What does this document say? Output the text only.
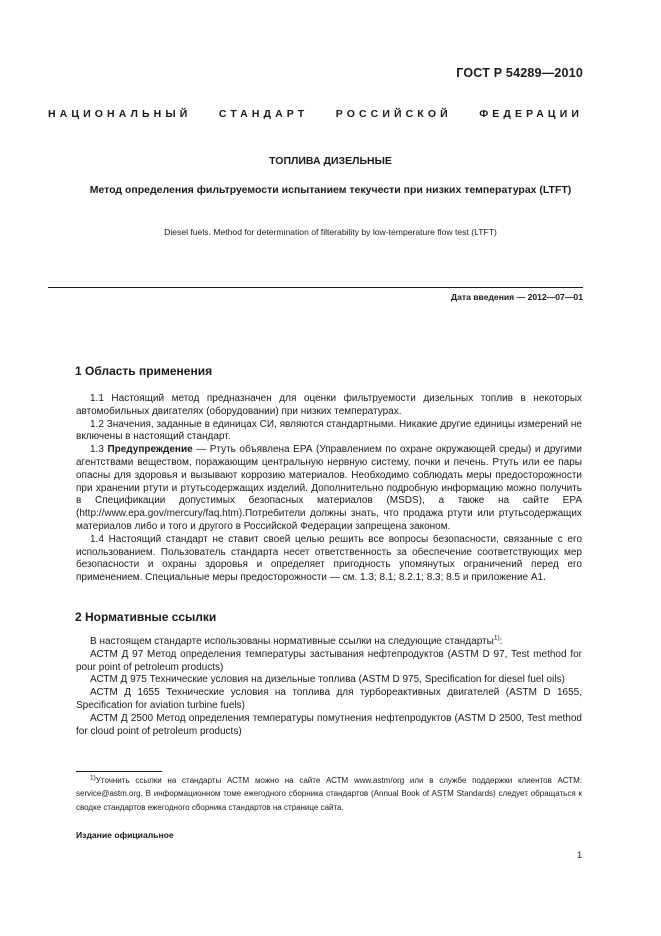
ГОСТ Р 54289—2010
НАЦИОНАЛЬНЫЙ СТАНДАРТ РОССИЙСКОЙ ФЕДЕРАЦИИ
ТОПЛИВА ДИЗЕЛЬНЫЕ
Метод определения фильтруемости испытанием текучести при низких температурах (LTFT)
Diesel fuels. Method for determination of filterability by low-temperature flow test (LTFT)
Дата введения — 2012—07—01
1 Область применения

1.1 Настоящий метод предназначен для оценки фильтруемости дизельных топлив в некоторых автомобильных двигателях (оборудовании) при низких температурах.

1.2 Значения, заданные в единицах СИ, являются стандартными. Никакие другие единицы измерений не включены в настоящий стандарт.

1.3 Предупреждение — Ртуть объявлена ЕРА (Управлением по охране окружающей среды) и другими агентствами веществом, поражающим центральную нервную систему, почки и печень. Ртуть или ее пары опасны для здоровья и вызывают коррозию материалов. Необходимо соблюдать меры предосторожности при хранении ртути и ртутьсодержащих изделий. Дополнительно подробную информацию можно получить в Спецификации допустимых безопасных материалов (MSDS), а также на сайте ЕРА (http://www.epa.gov/mercury/faq.htm).Потребители должны знать, что продажа ртути или ртутьсодержащих материалов либо и того и другого в Российской Федерации запрещена законом.

1.4 Настоящий стандарт не ставит своей целью решить все вопросы безопасности, связанные с его использованием. Пользователь стандарта несет ответственность за обеспечение соответствующих мер безопасности и охраны здоровья и определяет пригодность упомянутых ограничений перед его применением. Специальные меры предосторожности — см. 1.3; 8.1; 8.2.1; 8.3; 8.5 и приложение А1.

2 Нормативные ссылки

В настоящем стандарте использованы нормативные ссылки на следующие стандарты$^{1)}$:

АСТМ Д 97 Метод определения температуры застывания нефтепродуктов (ASTM D 97, Test method for pour point of petroleum products)

АСТМ Д 975 Технические условия на дизельные топлива (ASTM D 975, Specification for diesel fuel oils)

АСТМ Д 1655 Технические условия на топлива для турбореактивных двигателей (ASTM D 1655, Specification for aviation turbine fuels)

АСТМ Д 2500 Метод определения температуры помутнения нефтепродуктов (ASTM D 2500, Test method for cloud point of petroleum products)

$^{1)}$Уточнить ссылки на стандарты АСТМ можно на сайте АСТМ www.astm/org или в службе поддержки клиентов АСТМ: service@astm.org. В информационном томе ежегодного сборника стандартов (Annual Book of ASTM Standards) следует обращаться к сводке стандартов ежегодного сборника стандартов на странице сайта.

Издание официальное
1
